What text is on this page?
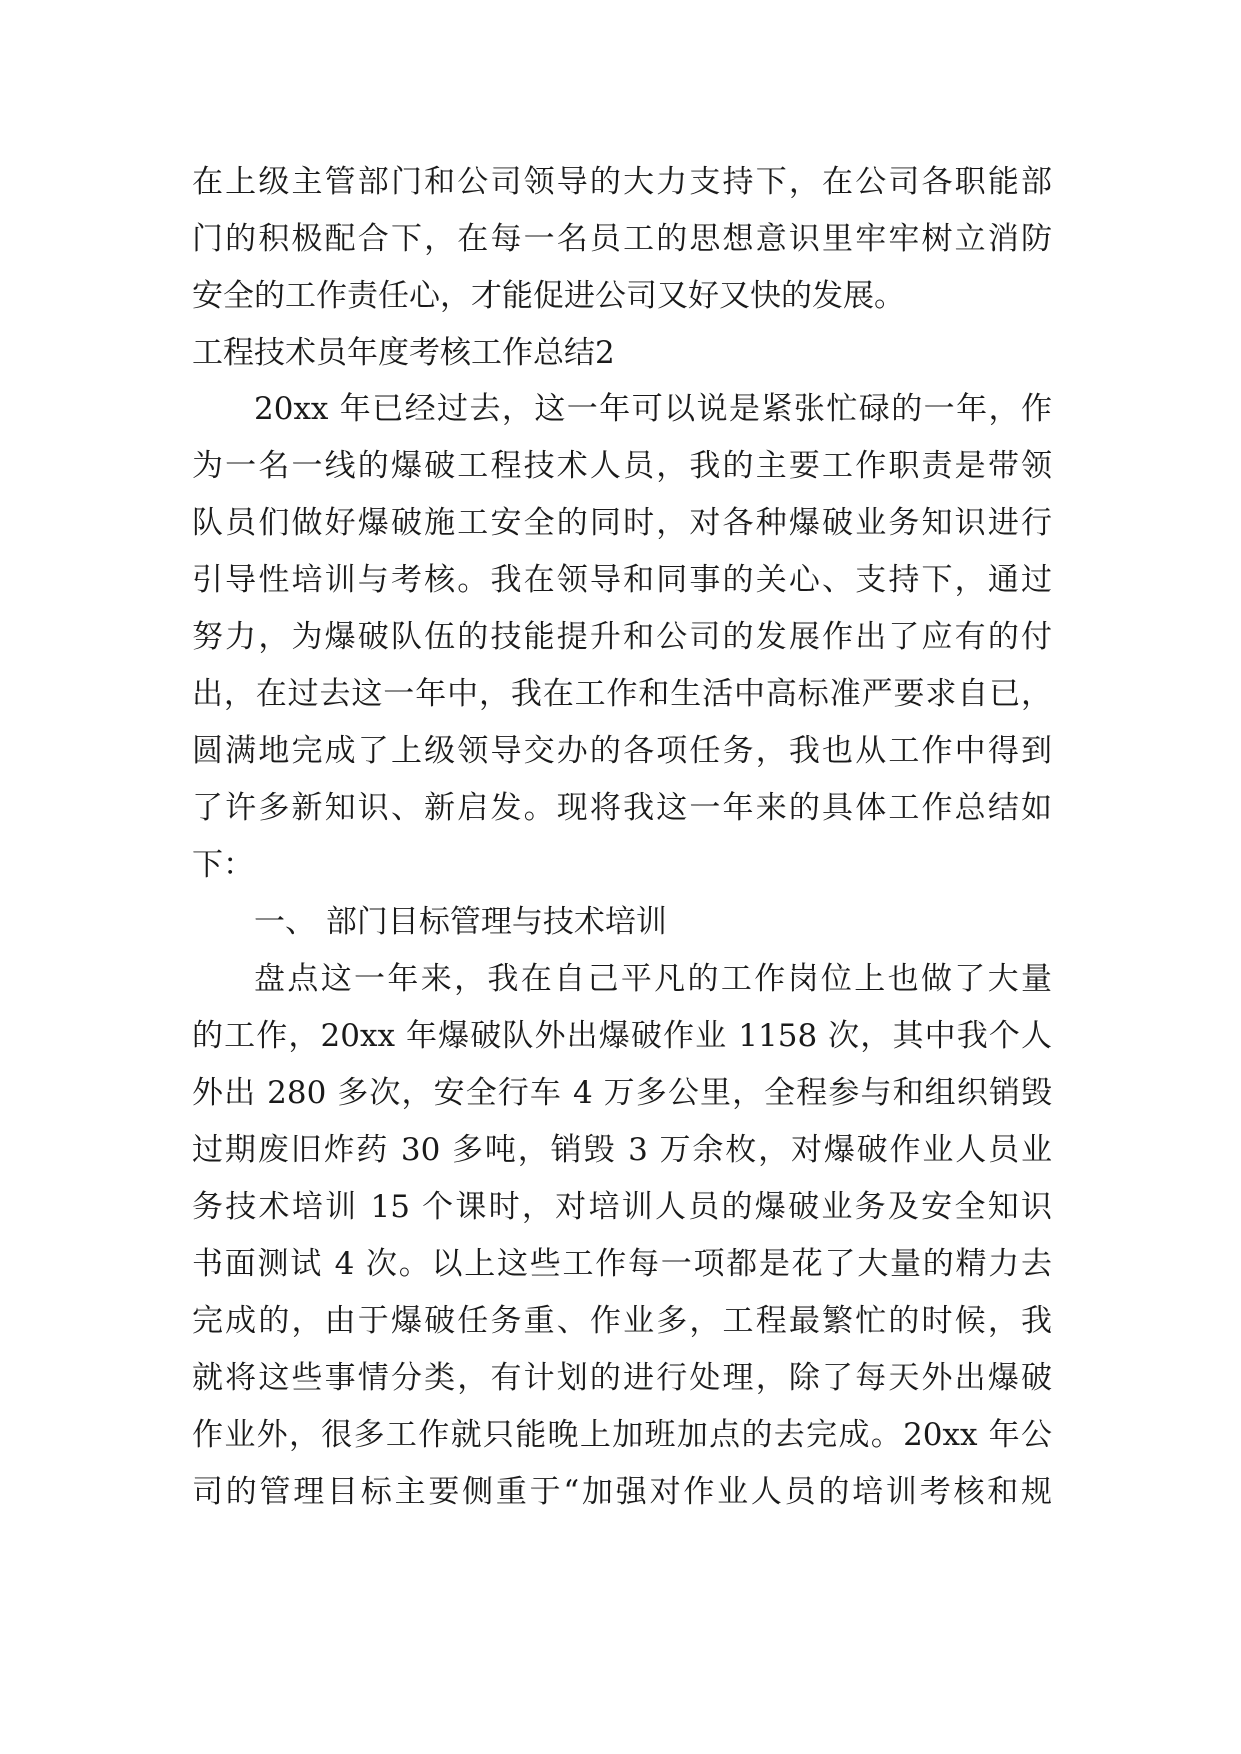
在上级主管部门和公司领导的大力支持下，在公司各职能部
门的积极配合下，在每一名员工的思想意识里牢牢树立消防
安全的工作责任心，才能促进公司又好又快的发展。
工程技术员年度考核工作总结2
20xx 年已经过去，这一年可以说是紧张忙碌的一年，作
为一名一线的爆破工程技术人员，我的主要工作职责是带领
队员们做好爆破施工安全的同时，对各种爆破业务知识进行
引导性培训与考核。我在领导和同事的关心、支持下，通过
努力，为爆破队伍的技能提升和公司的发展作出了应有的付
出，在过去这一年中，我在工作和生活中高标准严要求自已，
圆满地完成了上级领导交办的各项任务，我也从工作中得到
了许多新知识、新启发。现将我这一年来的具体工作总结如
下：
一、 部门目标管理与技术培训
盘点这一年来，我在自己平凡的工作岗位上也做了大量
的工作，20xx 年爆破队外出爆破作业 1158 次，其中我个人
外出 280 多次，安全行车 4 万多公里，全程参与和组织销毁
过期废旧炸药 30 多吨，销毁 3 万余枚，对爆破作业人员业
务技术培训 15 个课时，对培训人员的爆破业务及安全知识
书面测试 4 次。以上这些工作每一项都是花了大量的精力去
完成的，由于爆破任务重、作业多，工程最繁忙的时候，我
就将这些事情分类，有计划的进行处理，除了每天外出爆破
作业外，很多工作就只能晚上加班加点的去完成。20xx 年公
司的管理目标主要侧重于“加强对作业人员的培训考核和规
